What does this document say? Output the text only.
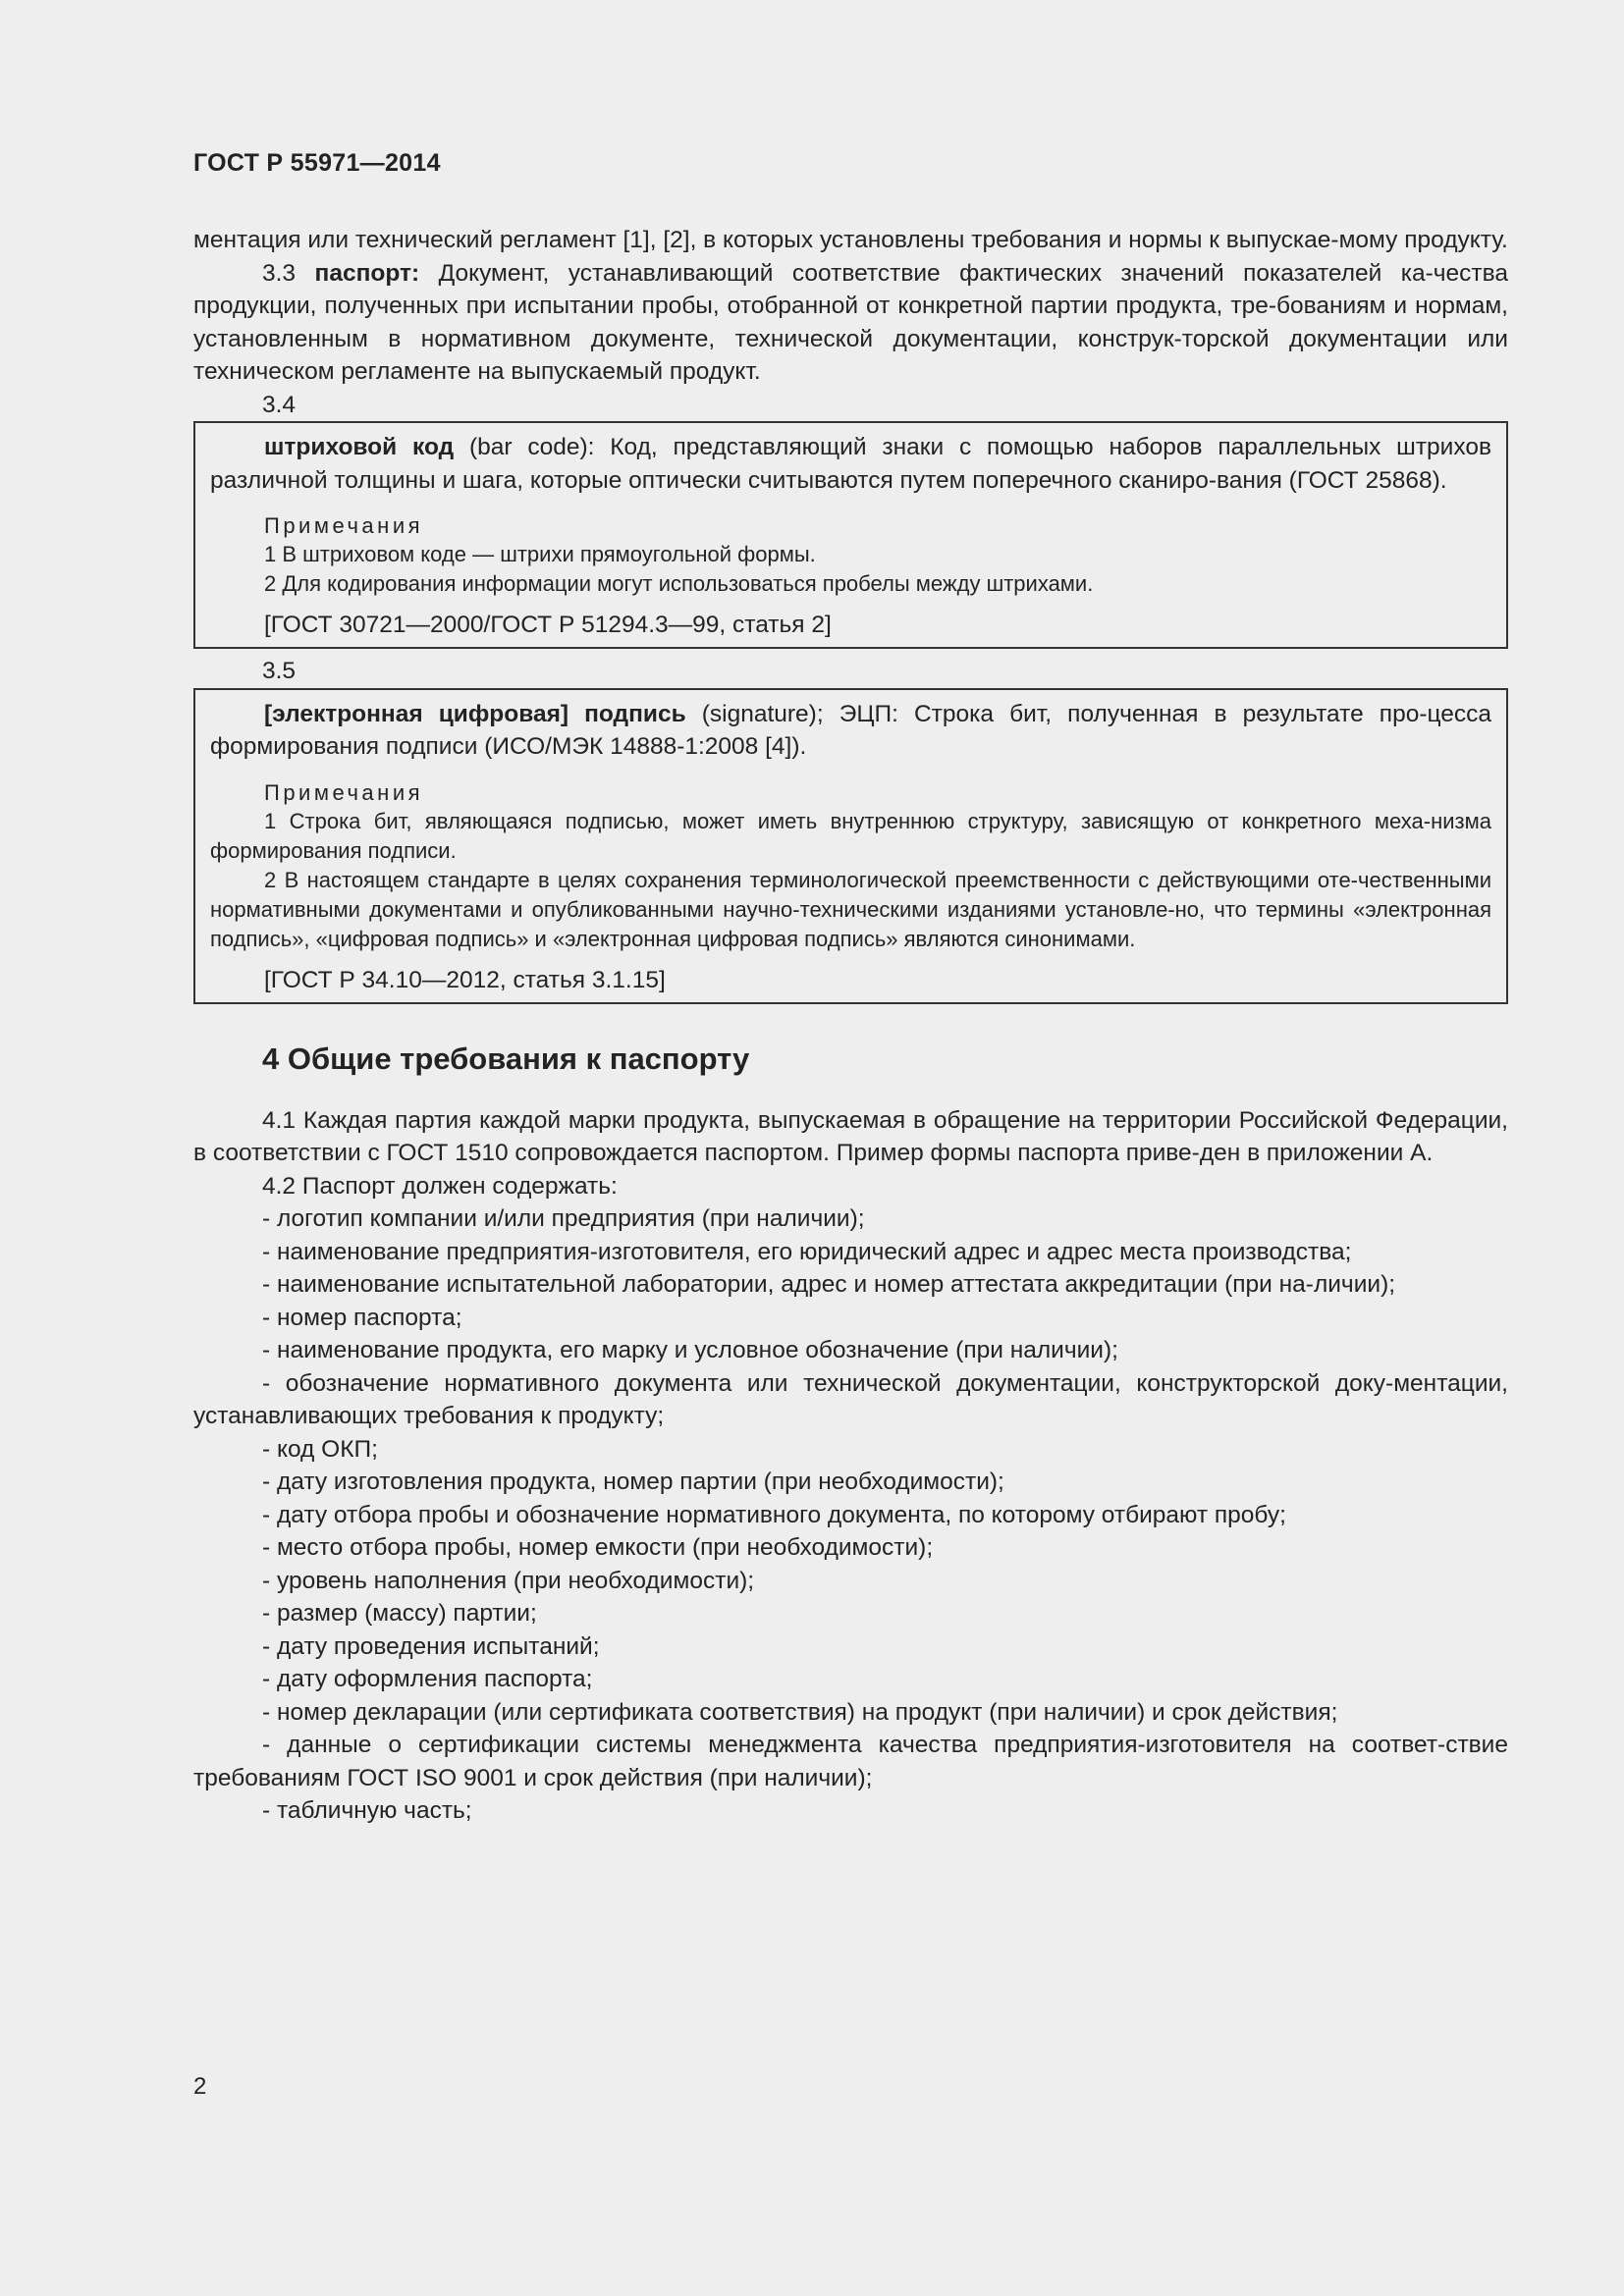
ГОСТ Р 55971—2014

ментация или технический регламент [1], [2], в которых установлены требования и нормы к выпускае-мому продукту.

3.3 паспорт: Документ, устанавливающий соответствие фактических значений показателей ка-чества продукции, полученных при испытании пробы, отобранной от конкретной партии продукта, тре-бованиям и нормам, установленным в нормативном документе, технической документации, конструк-торской документации или техническом регламенте на выпускаемый продукт.

3.4

штриховой код (bar code): Код, представляющий знаки с помощью наборов параллельных штрихов различной толщины и шага, которые оптически считываются путем поперечного сканиро-вания (ГОСТ 25868).

Примечания

1 В штриховом коде — штрихи прямоугольной формы.

2 Для кодирования информации могут использоваться пробелы между штрихами.

[ГОСТ 30721—2000/ГОСТ Р 51294.3—99, статья 2]
3.5

[электронная цифровая] подпись (signature); ЭЦП: Строка бит, полученная в результате про-цесса формирования подписи (ИСО/МЭК 14888-1:2008 [4]).

Примечания

1 Строка бит, являющаяся подписью, может иметь внутреннюю структуру, зависящую от конкретного меха-низма формирования подписи.

2 В настоящем стандарте в целях сохранения терминологической преемственности с действующими оте-чественными нормативными документами и опубликованными научно-техническими изданиями установле-но, что термины «электронная подпись», «цифровая подпись» и «электронная цифровая подпись» являются синонимами.

[ГОСТ Р 34.10—2012, статья 3.1.15]
4 Общие требования к паспорту

4.1 Каждая партия каждой марки продукта, выпускаемая в обращение на территории Российской Федерации, в соответствии с ГОСТ 1510 сопровождается паспортом. Пример формы паспорта приве-ден в приложении А.

4.2 Паспорт должен содержать:

- логотип компании и/или предприятия (при наличии);

- наименование предприятия-изготовителя, его юридический адрес и адрес места производства;

- наименование испытательной лаборатории, адрес и номер аттестата аккредитации (при на-личии);

- номер паспорта;

- наименование продукта, его марку и условное обозначение (при наличии);

- обозначение нормативного документа или технической документации, конструкторской доку-ментации, устанавливающих требования к продукту;

- код ОКП;

- дату изготовления продукта, номер партии (при необходимости);

- дату отбора пробы и обозначение нормативного документа, по которому отбирают пробу;

- место отбора пробы, номер емкости (при необходимости);

- уровень наполнения (при необходимости);

- размер (массу) партии;

- дату проведения испытаний;

- дату оформления паспорта;

- номер декларации (или сертификата соответствия) на продукт (при наличии) и срок действия;

- данные о сертификации системы менеджмента качества предприятия-изготовителя на соответ-ствие требованиям ГОСТ ISO 9001 и срок действия (при наличии);

- табличную часть;

2
